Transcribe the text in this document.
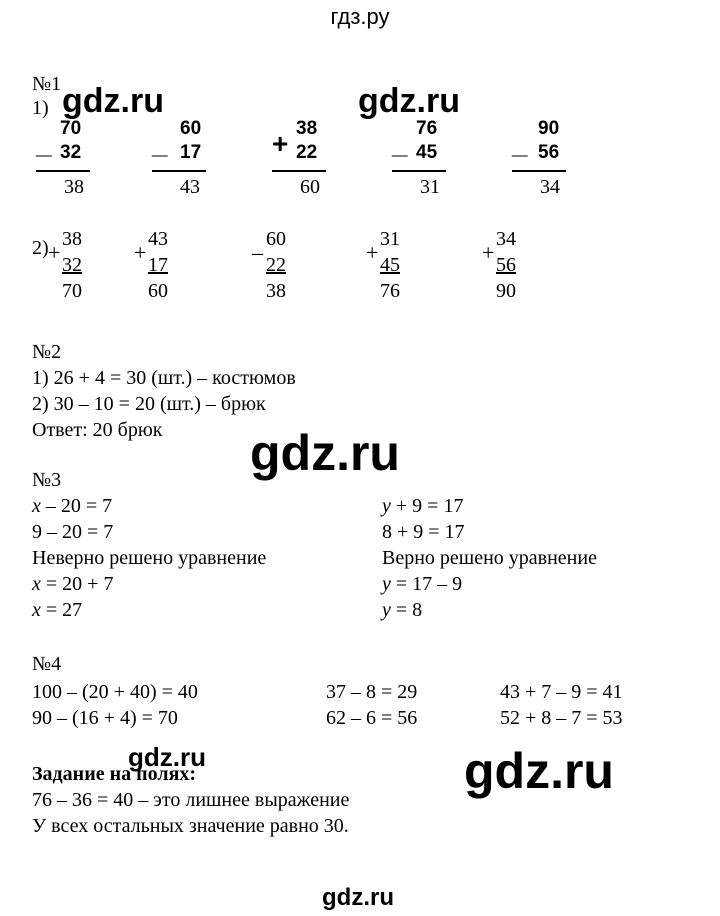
гдз.ру
gdz.ru	gdz.ru
gdz.ru
gdz.ru	gdz.ru
gdz.ru
№1
1)
_ 70
32
38
_ 60
17
43
+ 38
22
60
_ 76
45
31
_ 90
56
34
2) +
38
32
70
+
43
17
60
_ 60
22
38
+
31
45
76
+
34
56
90
№2
1) 26 + 4 = 30 (шт.) – костюмов
2) 30 – 10 = 20 (шт.) – брюк
Ответ: 20 брюк
№3
x – 20 = 7
9 – 20 = 7
Неверно решено уравнение
x = 20 + 7
x = 27
y + 9 = 17
8 + 9 = 17
Верно решено уравнение
y = 17 – 9
y = 8
№4
100 – (20 + 40) = 40	37 – 8 = 29	43 + 7 – 9 = 41
90 – (16 + 4) = 70	62 – 6 = 56	52 + 8 – 7 = 53
Задание на полях:
76 – 36 = 40 – это лишнее выражение
У всех остальных значение равно 30.
